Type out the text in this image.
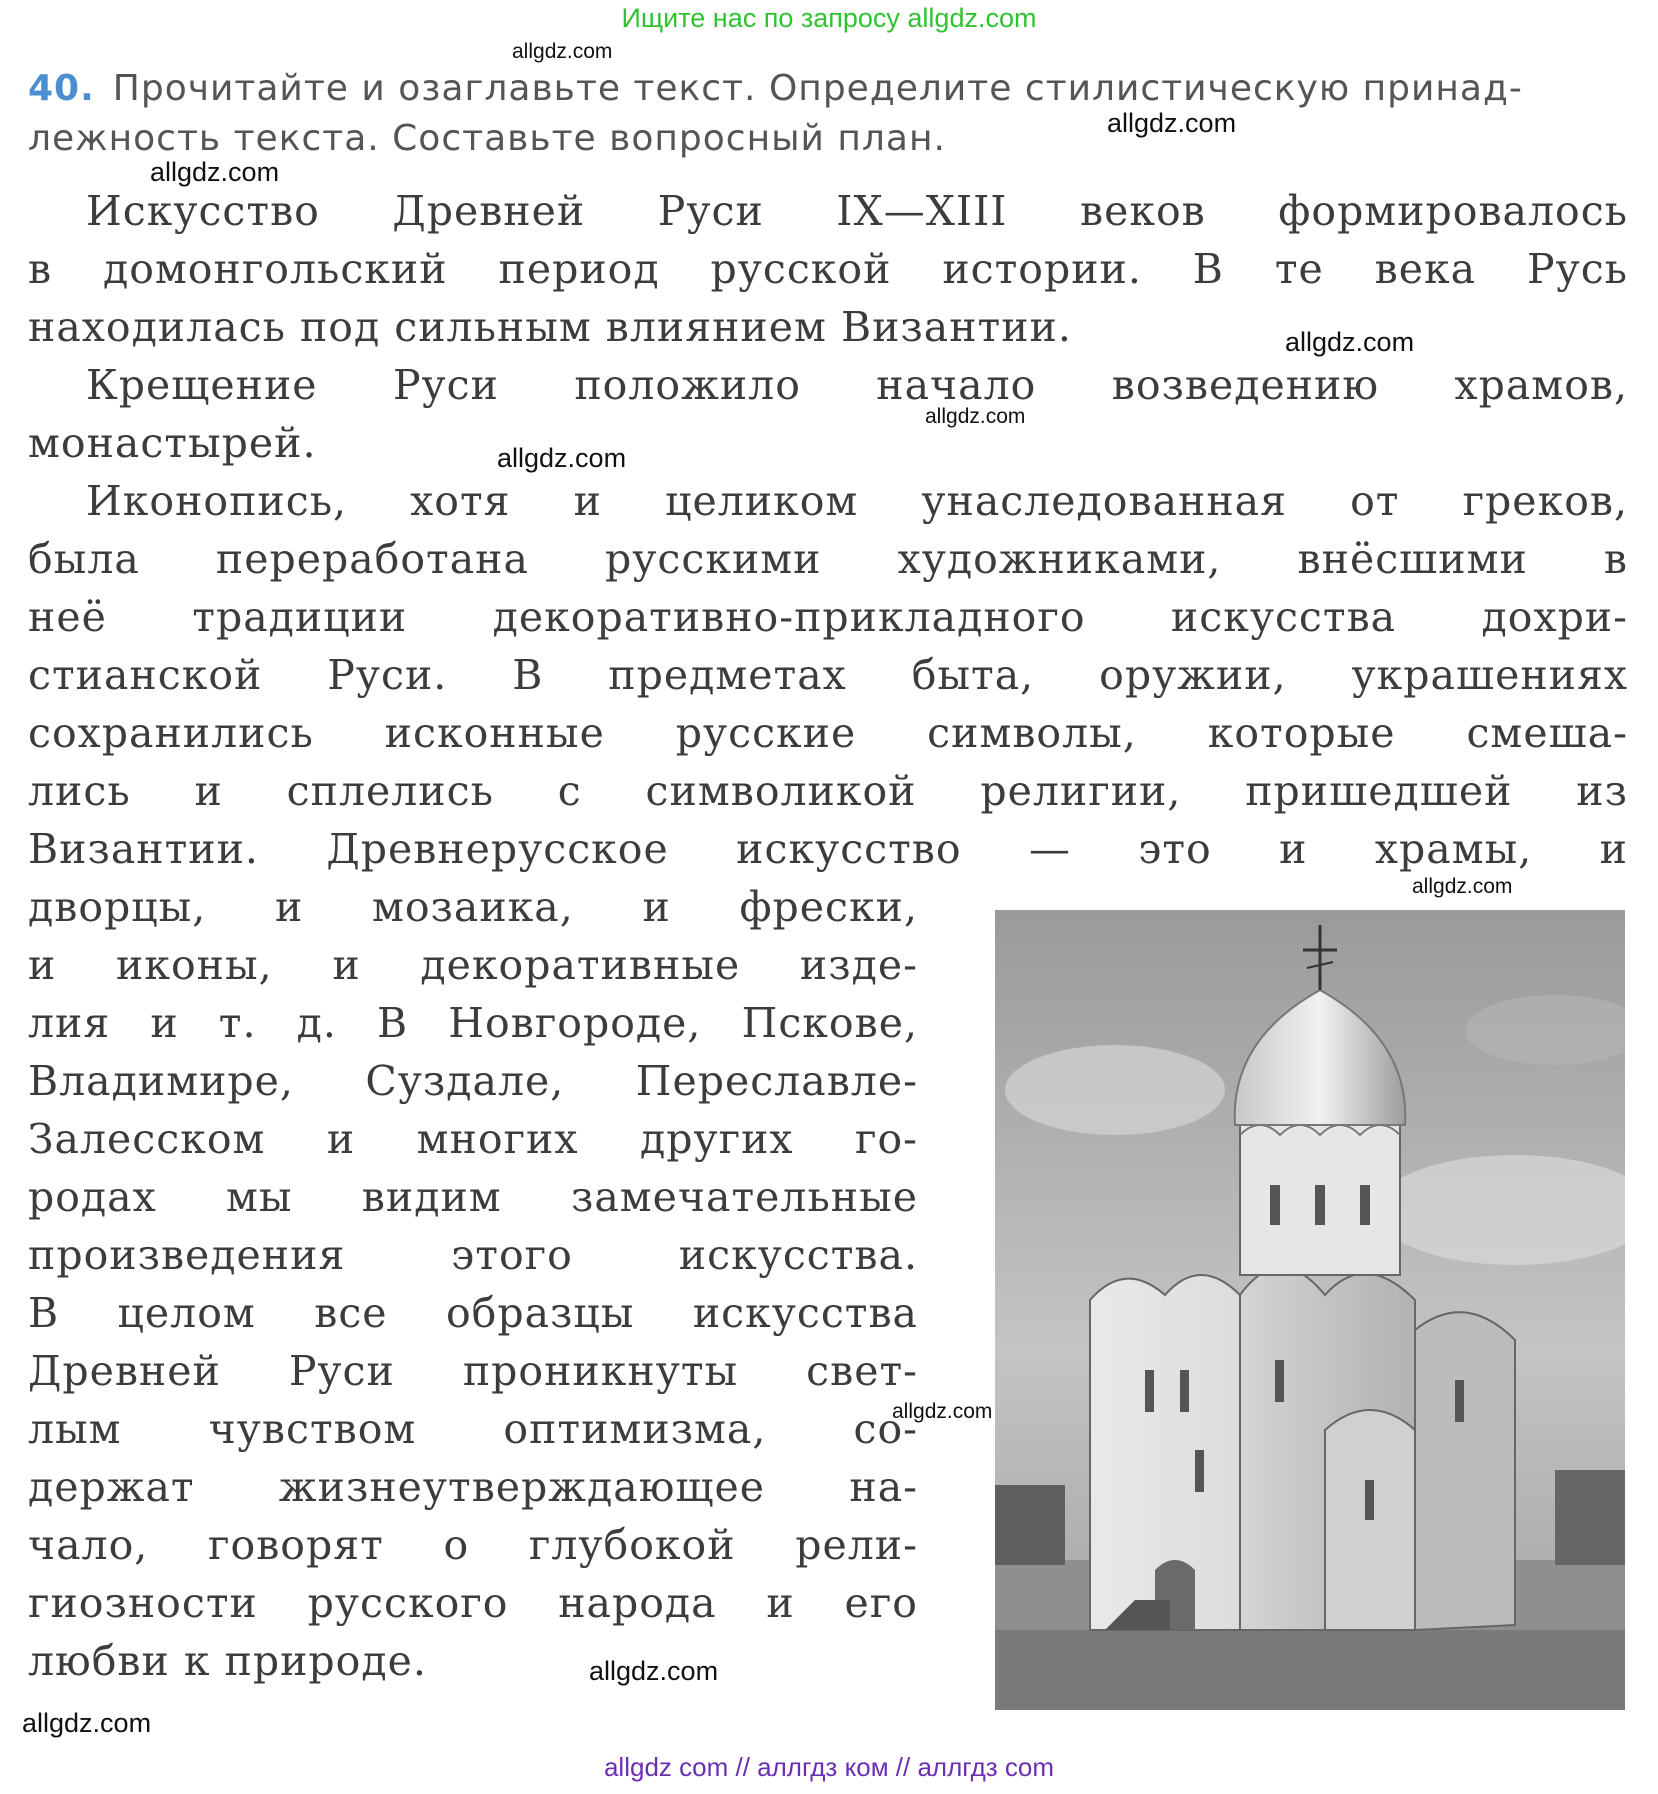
Ищите нас по запросу allgdz.com
40. Прочитайте и озаглавьте текст. Определите стилистическую принад-
лежность текста. Составьте вопросный план.
Искусство Древней Руси IX—XIII веков формировалось
в домонгольский период русской истории. В те века Русь
находилась под сильным влиянием Византии.
Крещение Руси положило начало возведению храмов,
монастырей.
Иконопись, хотя и целиком унаследованная от греков,
была переработана русскими художниками, внёсшими в
неё традиции декоративно-прикладного искусства дохри-
стианской Руси. В предметах быта, оружии, украшениях
сохранились исконные русские символы, которые смеша-
лись и сплелись с символикой религии, пришедшей из
Византии. Древнерусское искусство — это и храмы, и
дворцы, и мозаика, и фрески,
и иконы, и декоративные изде-
лия и т. д. В Новгороде, Пскове,
Владимире, Суздале, Переславле-
Залесском и многих других го-
родах мы видим замечательные
произведения этого искусства.
В целом все образцы искусства
Древней Руси проникнуты свет-
лым чувством оптимизма, со-
держат жизнеутверждающее на-
чало, говорят о глубокой рели-
гиозности русского народа и его
любви к природе.
allgdz.com
allgdz.com
allgdz.com
allgdz.com
allgdz.com
allgdz.com
allgdz.com
allgdz.com
allgdz.com
allgdz.com
allgdz com // аллгдз ком // аллгдз com
